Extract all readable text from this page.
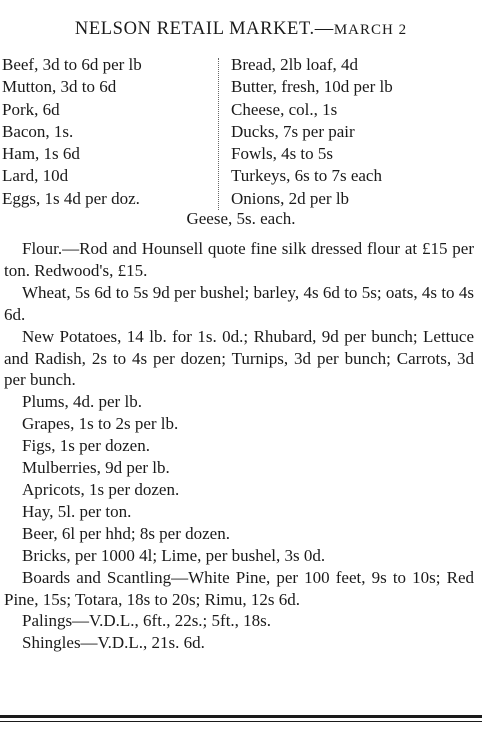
NELSON RETAIL MARKET.—MARCH 2
Beef, 3d to 6d per lb
Mutton, 3d to 6d
Pork, 6d
Bacon, 1s.
Ham, 1s 6d
Lard, 10d
Eggs, 1s 4d per doz.
Bread, 2lb loaf, 4d
Butter, fresh, 10d per lb
Cheese, col., 1s
Ducks, 7s per pair
Fowls, 4s to 5s
Turkeys, 6s to 7s each
Onions, 2d per lb
Geese, 5s. each.

Flour.—Rod and Hounsell quote fine silk dressed flour at £15 per ton. Redwood's, £15.

Wheat, 5s 6d to 5s 9d per bushel; barley, 4s 6d to 5s; oats, 4s to 4s 6d.

New Potatoes, 14 lb. for 1s. 0d.; Rhubard, 9d per bunch; Lettuce and Radish, 2s to 4s per dozen; Turnips, 3d per bunch; Carrots, 3d per bunch.

Plums, 4d. per lb.

Grapes, 1s to 2s per lb.

Figs, 1s per dozen.

Mulberries, 9d per lb.

Apricots, 1s per dozen.

Hay, 5l. per ton.

Beer, 6l per hhd; 8s per dozen.

Bricks, per 1000 4l; Lime, per bushel, 3s 0d.

Boards and Scantling—White Pine, per 100 feet, 9s to 10s; Red Pine, 15s; Totara, 18s to 20s; Rimu, 12s 6d.

Palings—V.D.L., 6ft., 22s.; 5ft., 18s.

Shingles—V.D.L., 21s. 6d.
